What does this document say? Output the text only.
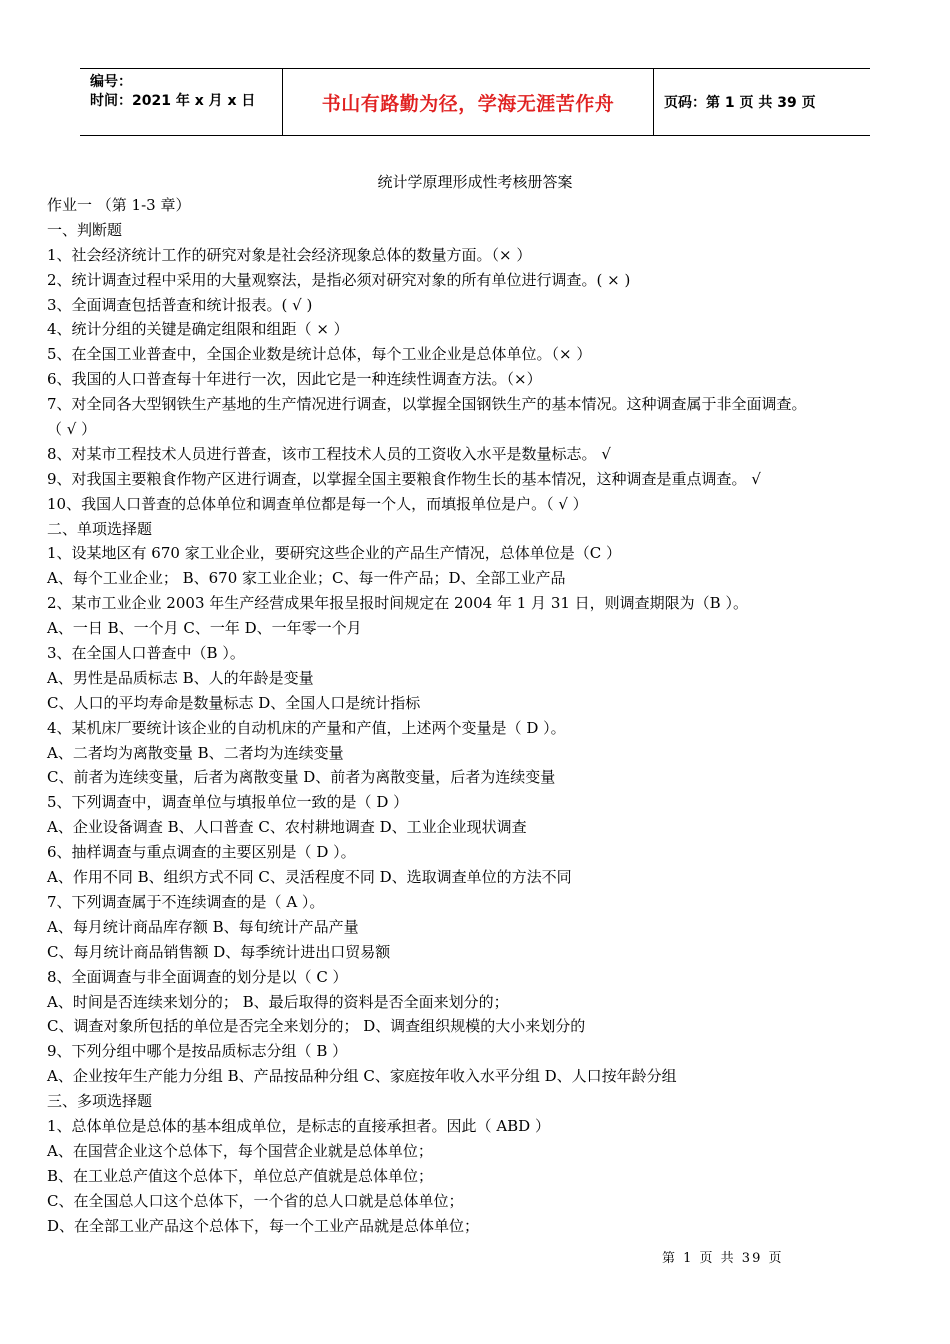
编号：
时间：2021 年 x 月 x 日	书山有路勤为径，学海无涯苦作舟	页码：第 1 页 共 39 页
统计学原理形成性考核册答案
作业一 （第 1-3 章）
一、判断题
1、社会经济统计工作的研究对象是社会经济现象总体的数量方面。（× ）
2、统计调查过程中采用的大量观察法，是指必须对研究对象的所有单位进行调查。( × )
3、全面调查包括普查和统计报表。( √ )
4、统计分组的关键是确定组限和组距（ × ）
5、在全国工业普查中，全国企业数是统计总体，每个工业企业是总体单位。（× ）
6、我国的人口普查每十年进行一次，因此它是一种连续性调查方法。（×）
7、对全同各大型钢铁生产基地的生产情况进行调查，以掌握全国钢铁生产的基本情况。这种调查属于非全面调查。
（ √ ）
8、对某市工程技术人员进行普查，该市工程技术人员的工资收入水平是数量标志。 √
9、对我国主要粮食作物产区进行调查，以掌握全国主要粮食作物生长的基本情况，这种调查是重点调查。 √
10、我国人口普查的总体单位和调查单位都是每一个人，而填报单位是户。（ √ ）
二、单项选择题
1、设某地区有 670 家工业企业，要研究这些企业的产品生产情况，总体单位是（C ）
A、每个工业企业； B、670 家工业企业；C、每一件产品；D、全部工业产品
2、某市工业企业 2003 年生产经营成果年报呈报时间规定在 2004 年 1 月 31 日，则调查期限为（B ）。
A、一日 B、一个月 C、一年 D、一年零一个月
3、在全国人口普查中（B ）。
A、男性是品质标志 B、人的年龄是变量
C、人口的平均寿命是数量标志 D、全国人口是统计指标
4、某机床厂要统计该企业的自动机床的产量和产值，上述两个变量是（ D ）。
A、二者均为离散变量 B、二者均为连续变量
C、前者为连续变量，后者为离散变量 D、前者为离散变量，后者为连续变量
5、下列调查中，调查单位与填报单位一致的是（ D ）
A、企业设备调查 B、人口普查 C、农村耕地调查 D、工业企业现状调查
6、抽样调查与重点调查的主要区别是（ D ）。
A、作用不同 B、组织方式不同 C、灵活程度不同 D、选取调查单位的方法不同
7、下列调查属于不连续调查的是（ A ）。
A、每月统计商品库存额 B、每旬统计产品产量
C、每月统计商品销售额 D、每季统计进出口贸易额
8、全面调查与非全面调查的划分是以（ C ）
A、时间是否连续来划分的； B、最后取得的资料是否全面来划分的；
C、调查对象所包括的单位是否完全来划分的； D、调查组织规模的大小来划分的
9、下列分组中哪个是按品质标志分组（ B ）
A、企业按年生产能力分组 B、产品按品种分组 C、家庭按年收入水平分组 D、人口按年龄分组
三、多项选择题
1、总体单位是总体的基本组成单位，是标志的直接承担者。因此（ ABD ）
A、在国营企业这个总体下，每个国营企业就是总体单位；
B、在工业总产值这个总体下，单位总产值就是总体单位；
C、在全国总人口这个总体下，一个省的总人口就是总体单位；
D、在全部工业产品这个总体下，每一个工业产品就是总体单位；
第 1 页 共 39 页
